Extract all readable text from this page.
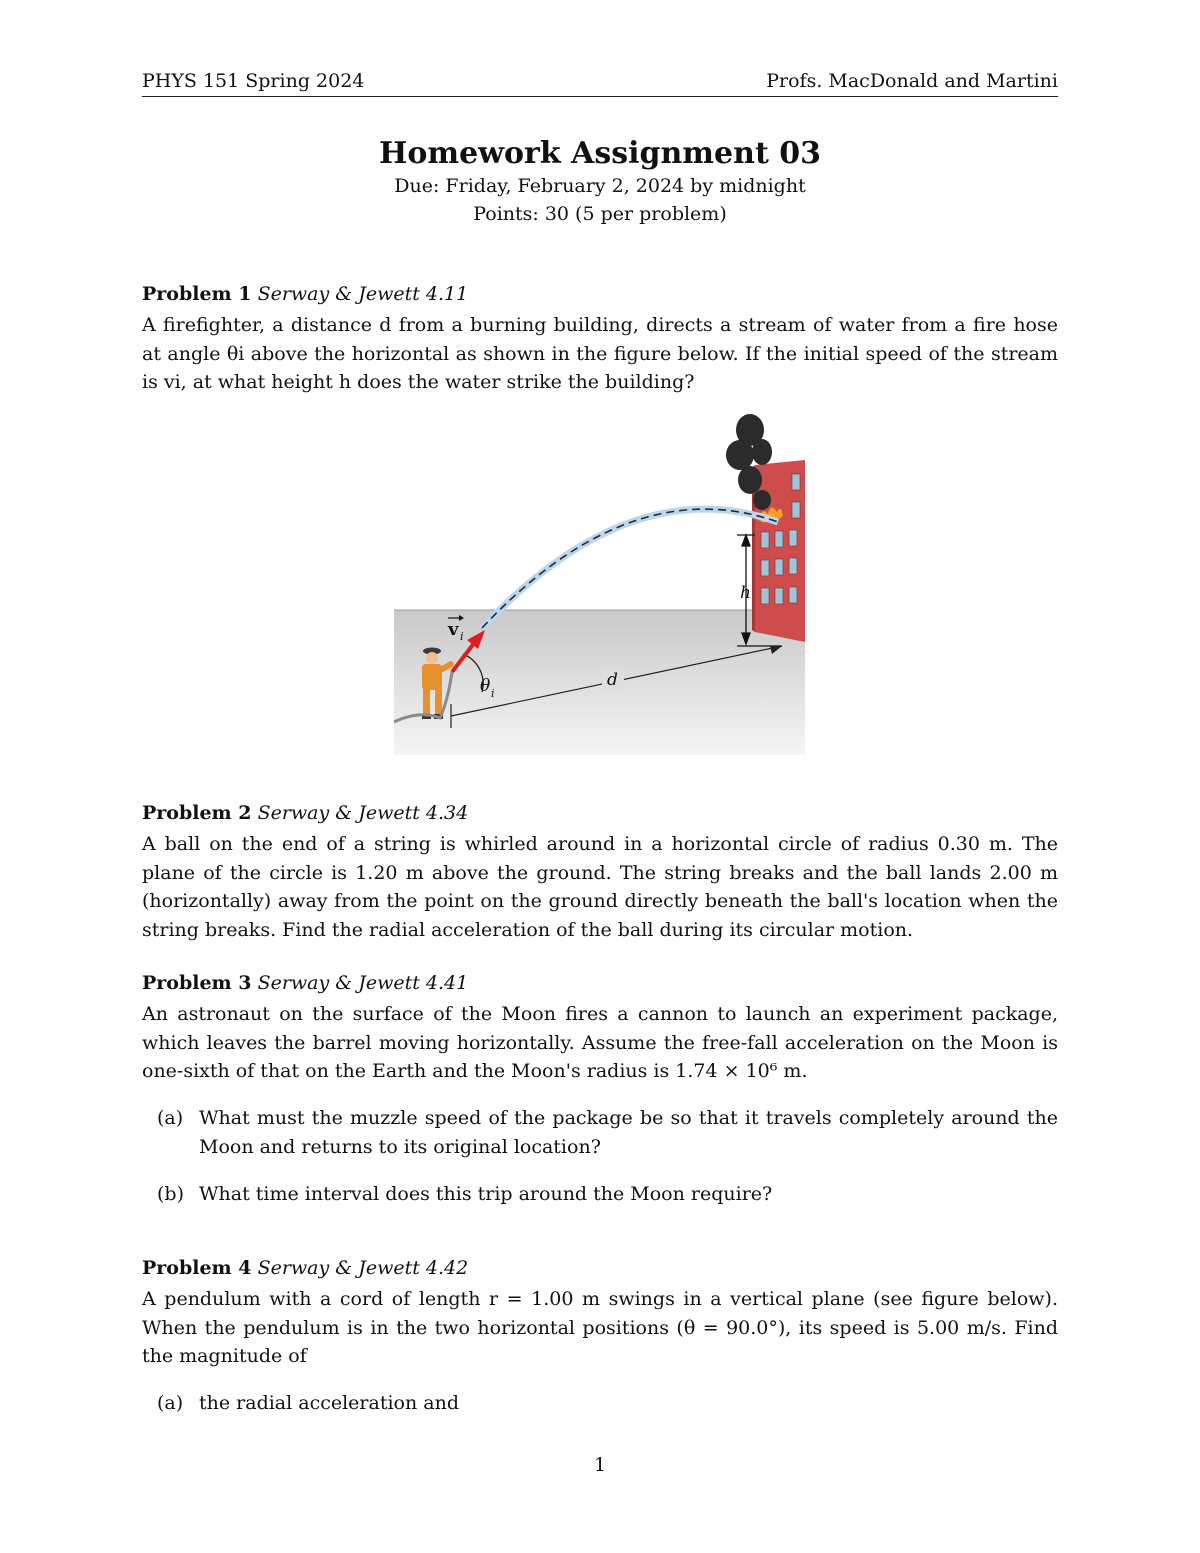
PHYS 151 Spring 2024	Profs. MacDonald and Martini
Homework Assignment 03
Due: Friday, February 2, 2024 by midnight
Points: 30 (5 per problem)
Problem 1 Serway & Jewett 4.11
A firefighter, a distance d from a burning building, directs a stream of water from a fire hose at angle θi above the horizontal as shown in the figure below. If the initial speed of the stream is vi, at what height h does the water strike the building?
h
d
θ i
v i
Problem 2 Serway & Jewett 4.34
A ball on the end of a string is whirled around in a horizontal circle of radius 0.30 m. The plane of the circle is 1.20 m above the ground. The string breaks and the ball lands 2.00 m (horizontally) away from the point on the ground directly beneath the ball's location when the string breaks. Find the radial acceleration of the ball during its circular motion.
Problem 3 Serway & Jewett 4.41
An astronaut on the surface of the Moon fires a cannon to launch an experiment package, which leaves the barrel moving horizontally. Assume the free-fall acceleration on the Moon is one-sixth of that on the Earth and the Moon's radius is 1.74 × 10⁶ m.
(a) What must the muzzle speed of the package be so that it travels completely around the Moon and returns to its original location?
(b) What time interval does this trip around the Moon require?
Problem 4 Serway & Jewett 4.42
A pendulum with a cord of length r = 1.00 m swings in a vertical plane (see figure below). When the pendulum is in the two horizontal positions (θ = 90.0°), its speed is 5.00 m/s. Find the magnitude of
(a) the radial acceleration and
1
